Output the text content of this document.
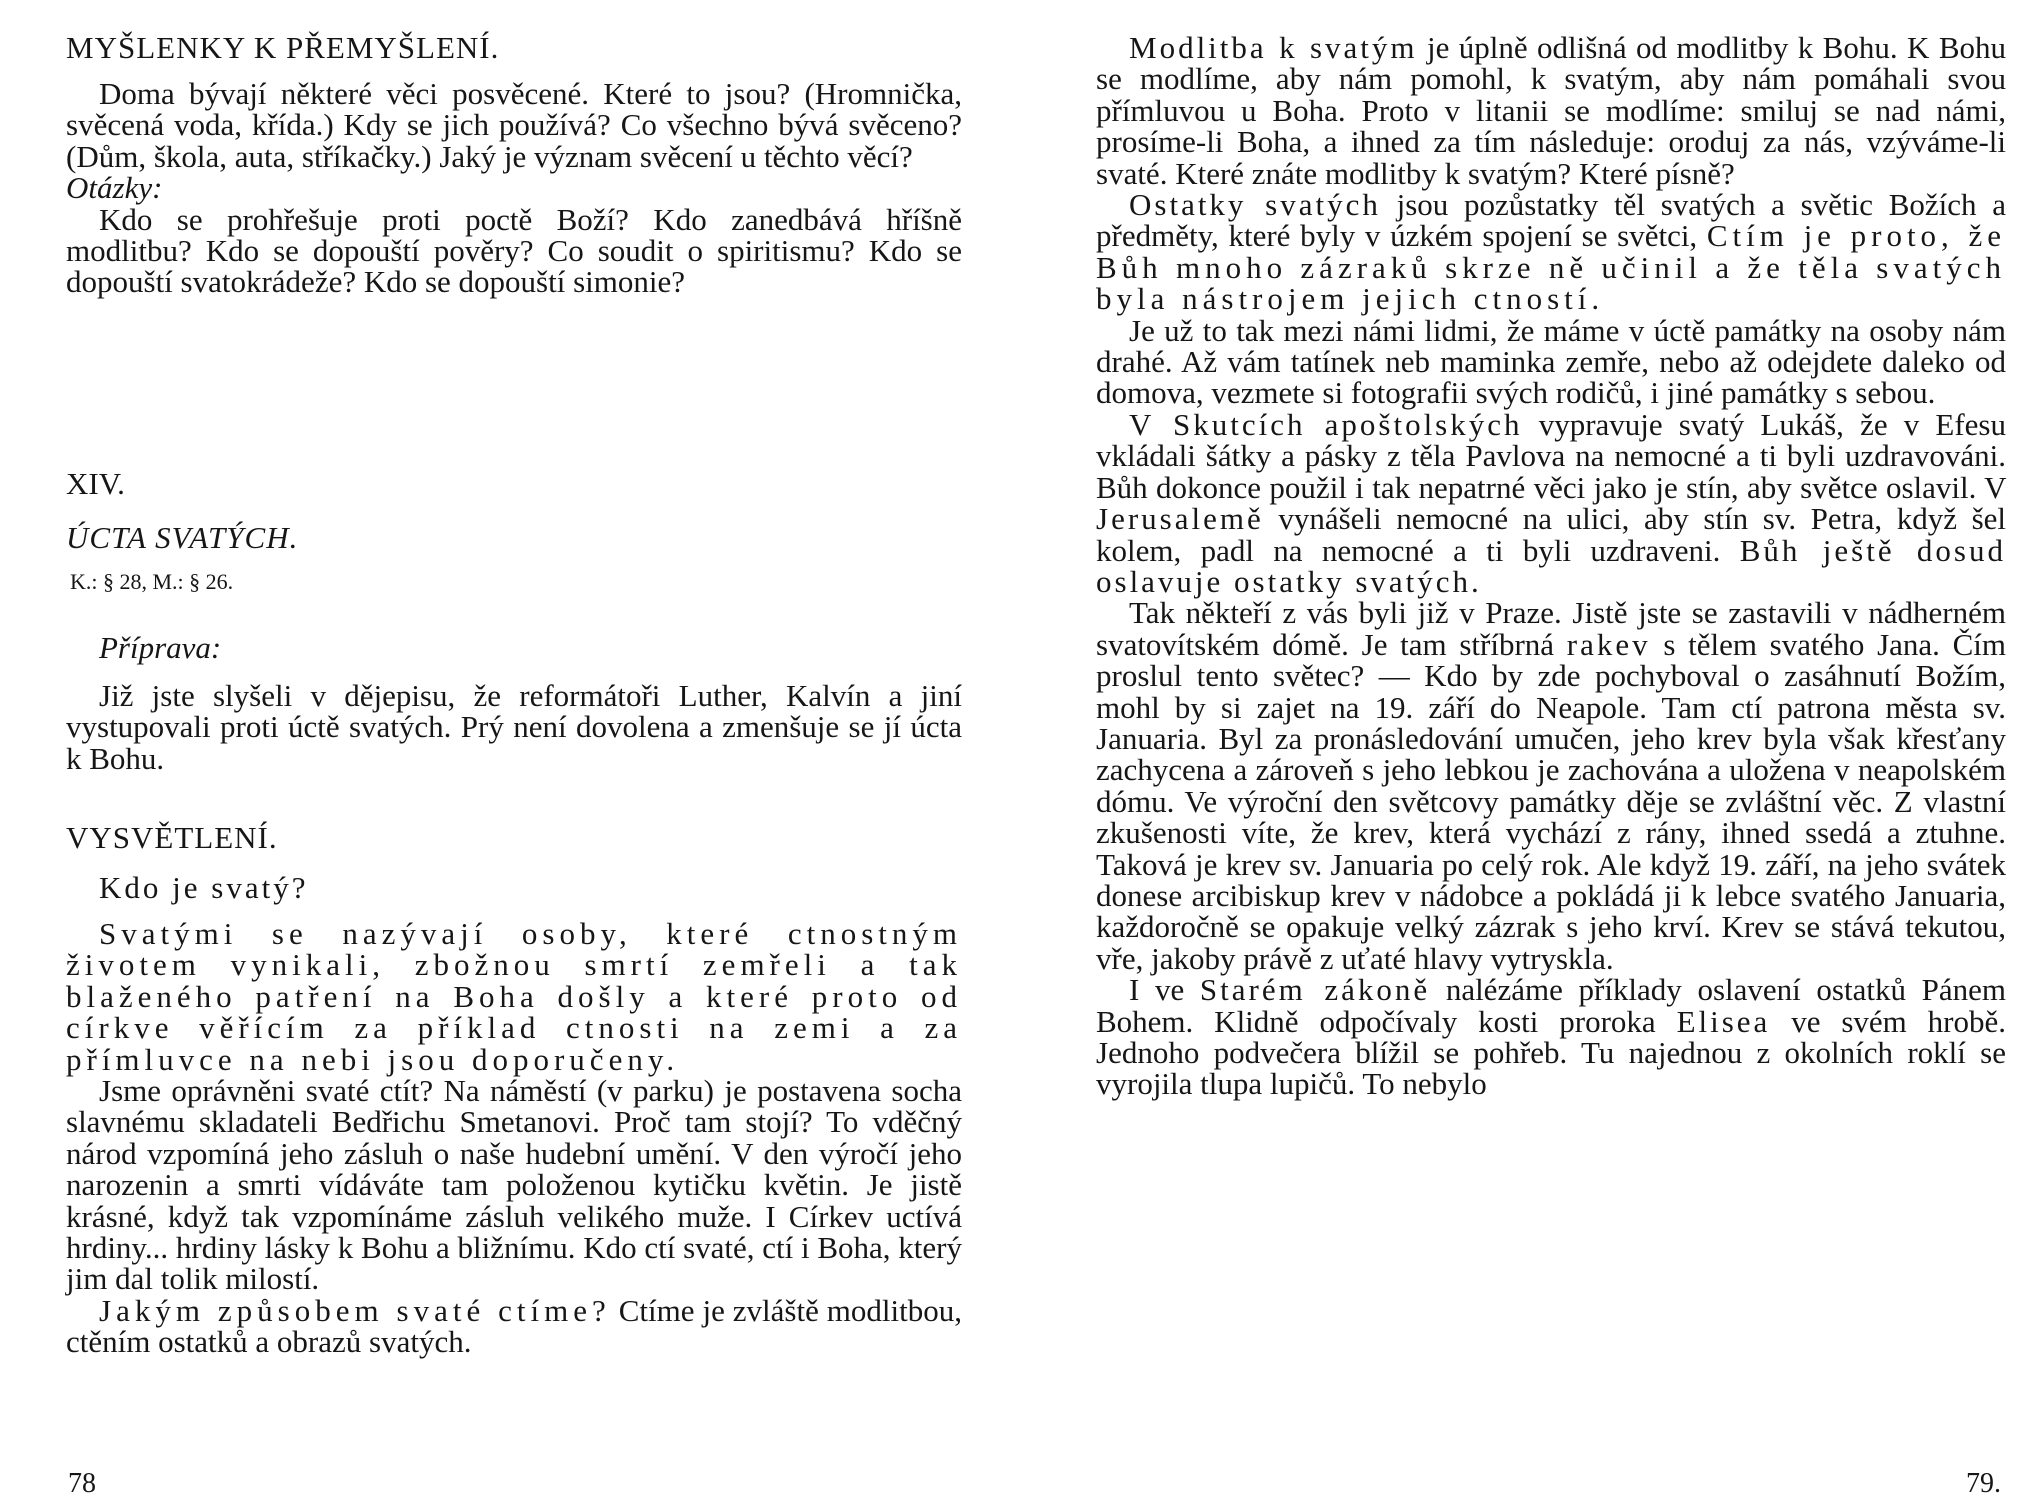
MYŠLENKY K PŘEMYŠLENÍ.

Doma bývají některé věci posvěcené. Které to jsou? (Hromnička, svěcená voda, křída.) Kdy se jich používá? Co všechno bývá svěceno? (Dům, škola, auta, stříkačky.) Jaký je význam svěcení u těchto věcí?

Otázky:

Kdo se prohřešuje proti poctě Boží? Kdo zanedbává hříšně modlitbu? Kdo se dopouští pověry? Co soudit o spiritismu? Kdo se dopouští svatokrádeže? Kdo se dopouští simonie?

XIV.
ÚCTA SVATÝCH.
K.: § 28, M.: § 26.
Příprava:

Již jste slyšeli v dějepisu, že reformátoři Luther, Kalvín a jiní vystupovali proti úctě svatých. Prý není dovolena a zmenšuje se jí úcta k Bohu.

VYSVĚTLENÍ.
Kdo je svatý?

Svatými se nazývají osoby, které ctnostným životem vynikali, zbožnou smrtí zemřeli a tak blaženého patření na Boha došly a které proto od církve věřícím za příklad ctnosti na zemi a za přímluvce na nebi jsou doporučeny.

Jsme oprávněni svaté ctít? Na náměstí (v parku) je postavena socha slavnému skladateli Bedřichu Smetanovi. Proč tam stojí? To vděčný národ vzpomíná jeho zásluh o naše hudební umění. V den výročí jeho narozenin a smrti vídáváte tam položenou kytičku květin. Je jistě krásné, když tak vzpomínáme zásluh velikého muže. I Církev uctívá hrdiny... hrdiny lásky k Bohu a bližnímu. Kdo ctí svaté, ctí i Boha, který jim dal tolik milostí.

Jakým způsobem svaté ctíme? Ctíme je zvláště modlitbou, ctěním ostatků a obrazů svatých.

78

Modlitba k svatým je úplně odlišná od modlitby k Bohu. K Bohu se modlíme, aby nám pomohl, k svatým, aby nám pomáhali svou přímluvou u Boha. Proto v litanii se modlíme: smiluj se nad námi, prosíme-li Boha, a ihned za tím následuje: oroduj za nás, vzýváme-li svaté. Které znáte modlitby k svatým? Které písně?

Ostatky svatých jsou pozůstatky těl svatých a světic Božích a předměty, které byly v úzkém spojení se světci, Ctím je proto, že Bůh mnoho zázraků skrze ně učinil a že těla svatých byla nástrojem jejich ctností.

Je už to tak mezi námi lidmi, že máme v úctě památky na osoby nám drahé. Až vám tatínek neb maminka zemře, nebo až odejdete daleko od domova, vezmete si fotografii svých rodičů, i jiné památky s sebou.

V Skutcích apoštolských vypravuje svatý Lukáš, že v Efesu vkládali šátky a pásky z těla Pavlova na nemocné a ti byli uzdravováni. Bůh dokonce použil i tak nepatrné věci jako je stín, aby světce oslavil. V Jerusalemě vynášeli nemocné na ulici, aby stín sv. Petra, když šel kolem, padl na nemocné a ti byli uzdraveni. Bůh ještě dosud oslavuje ostatky svatých.

Tak někteří z vás byli již v Praze. Jistě jste se zastavili v nádherném svatovítském dómě. Je tam stříbrná rakev s tělem svatého Jana. Čím proslul tento světec? — Kdo by zde pochyboval o zasáhnutí Božím, mohl by si zajet na 19. září do Neapole. Tam ctí patrona města sv. Januaria. Byl za pronásledování umučen, jeho krev byla však křesťany zachycena a zároveň s jeho lebkou je zachována a uložena v neapolském dómu. Ve výroční den světcovy památky děje se zvláštní věc. Z vlastní zkušenosti víte, že krev, která vychází z rány, ihned ssedá a ztuhne. Taková je krev sv. Januaria po celý rok. Ale když 19. září, na jeho svátek donese arcibiskup krev v nádobce a pokládá ji k lebce svatého Januaria, každoročně se opakuje velký zázrak s jeho krví. Krev se stává tekutou, vře, jakoby právě z uťaté hlavy vytryskla.

I ve Starém zákoně nalézáme příklady oslavení ostatků Pánem Bohem. Klidně odpočívaly kosti proroka Elisea ve svém hrobě. Jednoho podvečera blížil se pohřeb. Tu najednou z okolních roklí se vyrojila tlupa lupičů. To nebylo

79.
